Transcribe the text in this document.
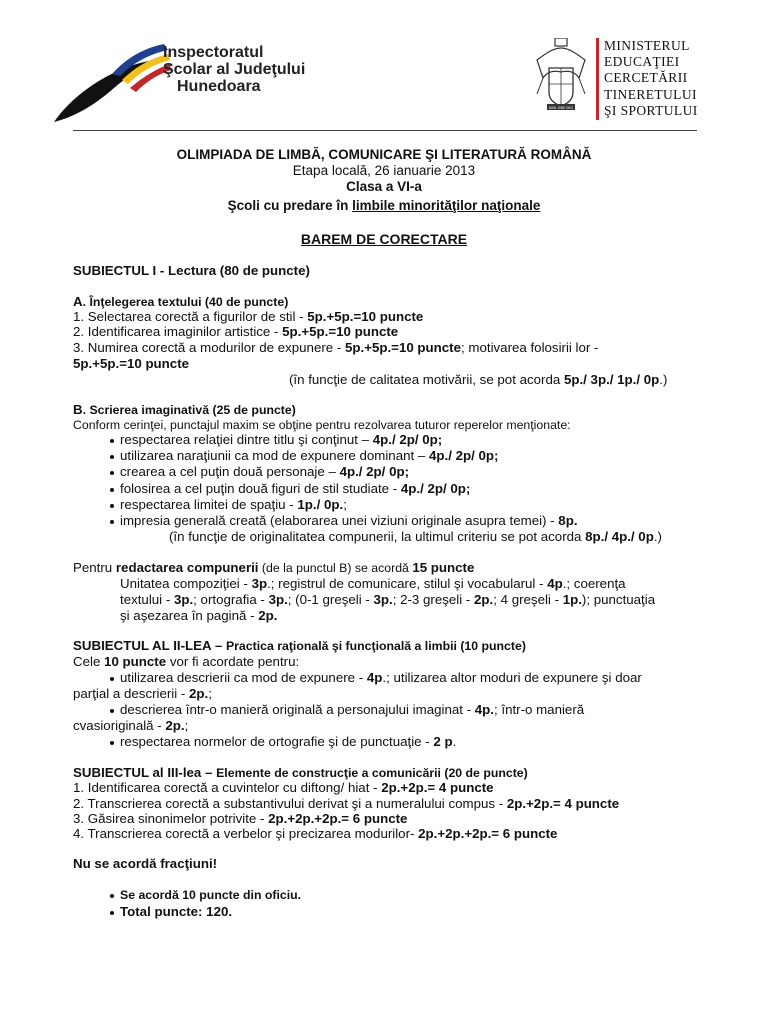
Inspectoratul
Şcolar al Judeţului
Hunedoara
NIHIL SINE DEO
MINISTERUL
EDUCAŢIEI
CERCETĂRII
TINERETULUI
ŞI SPORTULUI
OLIMPIADA DE LIMBĂ, COMUNICARE ŞI LITERATURĂ ROMÂNĂ
Etapa locală, 26 ianuarie 2013
Clasa a VI-a
Şcoli cu predare în limbile minorităţilor naţionale
BAREM DE CORECTARE
SUBIECTUL I - Lectura (80 de puncte)
A. Înţelegerea textului (40 de puncte)
1. Selectarea corectă a figurilor de stil - 5p.+5p.=10 puncte
2. Identificarea imaginilor artistice - 5p.+5p.=10 puncte
3. Numirea corectă a modurilor de expunere - 5p.+5p.=10 puncte; motivarea folosirii lor -
5p.+5p.=10 puncte
(în funcţie de calitatea motivării, se pot acorda 5p./ 3p./ 1p./ 0p.)
B. Scrierea imaginativă (25 de puncte)
Conform cerinţei, punctajul maxim se obţine pentru rezolvarea tuturor reperelor menţionate:
respectarea relaţiei dintre titlu şi conţinut – 4p./ 2p/ 0p;
utilizarea naraţiunii ca mod de expunere dominant – 4p./ 2p/ 0p;
crearea a cel puţin două personaje – 4p./ 2p/ 0p;
folosirea a cel puţin două figuri de stil studiate - 4p./ 2p/ 0p;
respectarea limitei de spaţiu - 1p./ 0p.;
impresia generală creată (elaborarea unei viziuni originale asupra temei) - 8p.
(în funcţie de originalitatea compunerii, la ultimul criteriu se pot acorda 8p./ 4p./ 0p.)
Pentru redactarea compunerii (de la punctul B) se acordă 15 puncte
Unitatea compoziţiei - 3p.; registrul de comunicare, stilul şi vocabularul - 4p.; coerenţa
textului - 3p.; ortografia - 3p.; (0-1 greşeli - 3p.; 2-3 greşeli - 2p.; 4 greşeli - 1p.); punctuaţia
şi aşezarea în pagină - 2p.
SUBIECTUL AL II-LEA – Practica raţională şi funcţională a limbii (10 puncte)
Cele 10 puncte vor fi acordate pentru:
utilizarea descrierii ca mod de expunere - 4p.; utilizarea altor moduri de expunere şi doar
parţial a descrierii - 2p.;
descrierea într-o manieră originală a personajului imaginat - 4p.; într-o manieră
cvasioriginală - 2p.;
respectarea normelor de ortografie şi de punctuaţie - 2 p.
SUBIECTUL al III-lea – Elemente de construcţie a comunicării (20 de puncte)
1. Identificarea corectă a cuvintelor cu diftong/ hiat - 2p.+2p.= 4 puncte
2. Transcrierea corectă a substantivului derivat şi a numeralului compus - 2p.+2p.= 4 puncte
3. Găsirea sinonimelor potrivite - 2p.+2p.+2p.= 6 puncte
4. Transcrierea corectă a verbelor şi precizarea modurilor- 2p.+2p.+2p.= 6 puncte
Nu se acordă fracţiuni!
Se acordă 10 puncte din oficiu.
Total puncte: 120.
